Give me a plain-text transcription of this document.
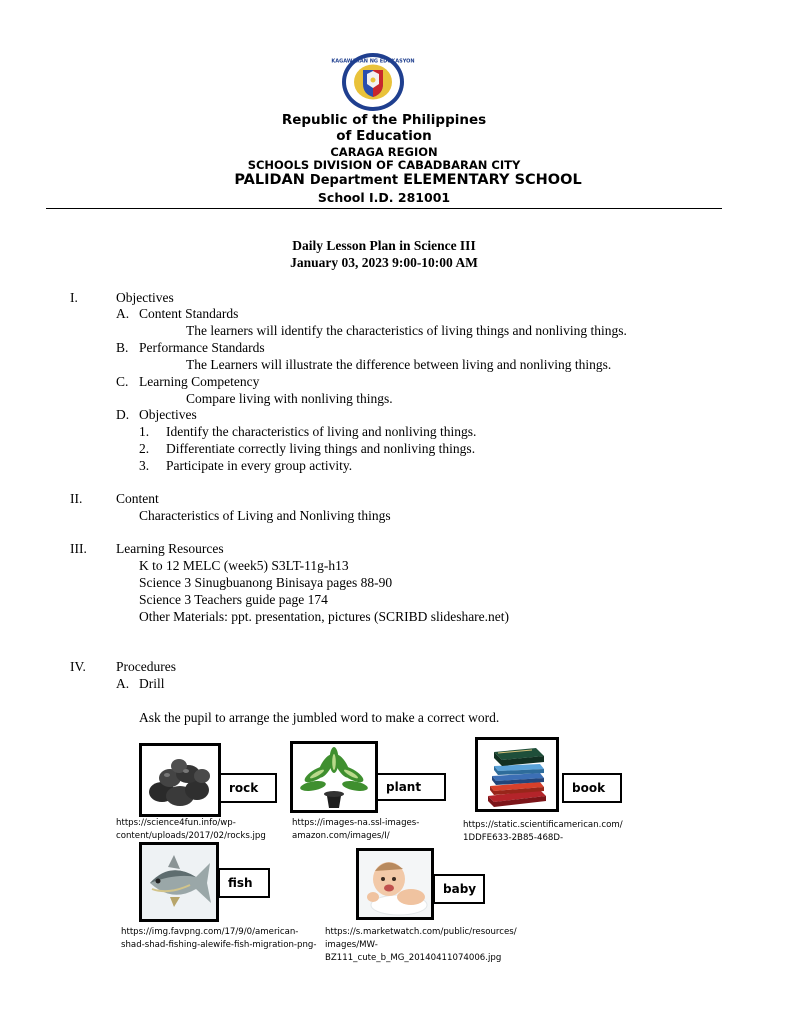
KAGAWARAN NG EDUKASYON
Republic of the Philippines
of Education
CARAGA REGION
SCHOOLS DIVISION OF CABADBARAN CITY
PALIDAN Department ELEMENTARY SCHOOL
School I.D. 281001
Daily Lesson Plan in Science III
January 03, 2023 9:00-10:00 AM
I.	Objectives
A. Content Standards
The learners will identify the characteristics of living things and nonliving things.
B. Performance Standards
The Learners will illustrate the difference between living and nonliving things.
C. Learning Competency
Compare living with nonliving things.
D. Objectives
1. Identify the characteristics of living and nonliving things.
2. Differentiate correctly living things and nonliving things.
3. Participate in every group activity.
II. Content
Characteristics of Living and Nonliving things
III. Learning Resources
K to 12 MELC (week5) S3LT-11g-h13
Science 3 Sinugbuanong Binisaya pages 88-90
Science 3 Teachers guide page 174
Other Materials: ppt. presentation, pictures (SCRIBD slideshare.net)
IV. Procedures
A. Drill
Ask the pupil to arrange the jumbled word to make a correct word.
rock
https://science4fun.info/wp-
content/uploads/2017/02/rocks.jpg
plant
https://images-na.ssl-images-
amazon.com/images/I/
book
https://static.scientificamerican.com/
1DDFE633-2B85-468D-
fish
https://img.favpng.com/17/9/0/american-
shad-shad-fishing-alewife-fish-migration-png-
baby
https://s.marketwatch.com/public/resources/
images/MW-
BZ111_cute_b_MG_20140411074006.jpg
